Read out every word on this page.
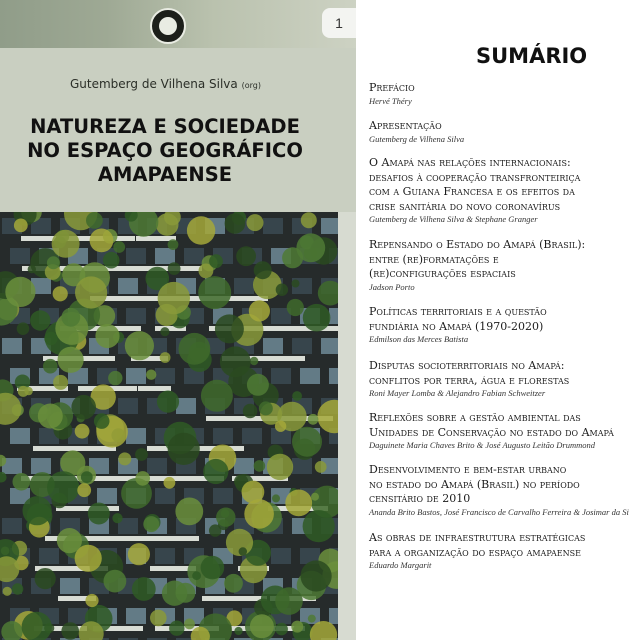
1
Gutemberg de Vilhena Silva (org)
NATUREZA E SOCIEDADE
NO ESPAÇO GEOGRÁFICO
AMAPAENSE
SUMÁRIO
Prefácio
Hervé Théry
Apresentação
Gutemberg de Vilhena Silva
O Amapá nas relações internacionais:
desafios à cooperação transfronteiriça
com a Guiana Francesa e os efeitos da
crise sanitária do novo coronavírus
Gutemberg de Vilhena Silva & Stephane Granger
Repensando o Estado do Amapá (Brasil):
entre (re)formatações e
(re)configurações espaciais
Jadson Porto
Políticas territoriais e a questão
fundiária no Amapá (1970-2020)
Edmilson das Merces Batista
Disputas socioterritoriais no Amapá:
conflitos por terra, água e florestas
Roni Mayer Lomba & Alejandro Fabian Schweitzer
Reflexões sobre a gestão ambiental das
Unidades de Conservação no estado do Amapá
Daguinete Maria Chaves Brito & José Augusto Leitão Drummond
Desenvolvimento e bem-estar urbano
no estado do Amapá (Brasil) no período
censitário de 2010
Ananda Brito Bastos, José Francisco de Carvalho Ferreira & Josimar da Si
As obras de infraestrutura estratégicas
para a organização do espaço amapaense
Eduardo Margarit
